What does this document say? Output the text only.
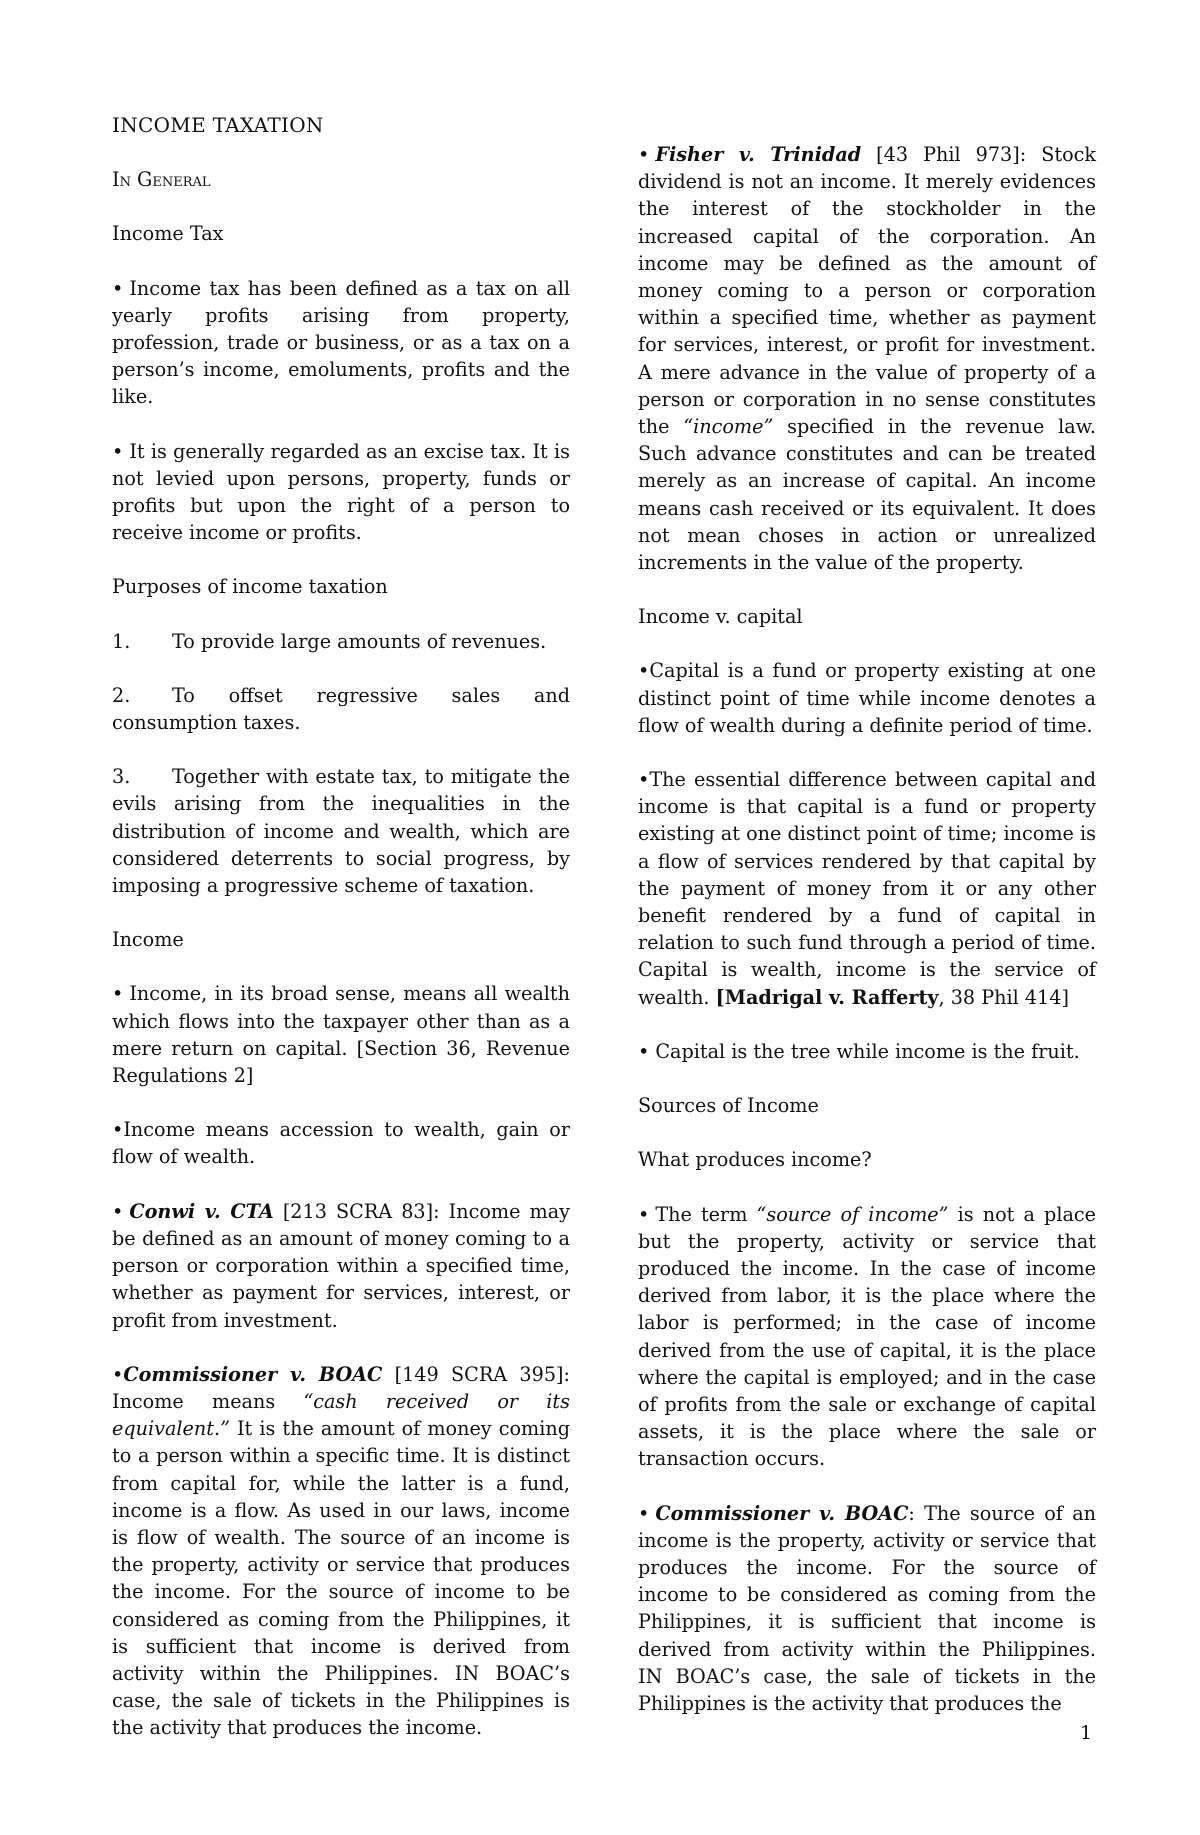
INCOME TAXATION

In General

Income Tax

• Income tax has been defined as a tax on all yearly profits arising from property, profession, trade or business, or as a tax on a person’s income, emoluments, profits and the like.

• It is generally regarded as an excise tax. It is not levied upon persons, property, funds or profits but upon the right of a person to receive income or profits.

Purposes of income taxation

1. To provide large amounts of revenues.

2. To offset regressive sales and consumption taxes.

3. Together with estate tax, to mitigate the evils arising from the inequalities in the distribution of income and wealth, which are considered deterrents to social progress, by imposing a progressive scheme of taxation.

Income

• Income, in its broad sense, means all wealth which flows into the taxpayer other than as a mere return on capital. [Section 36, Revenue Regulations 2]

•Income means accession to wealth, gain or flow of wealth.

• Conwi v. CTA [213 SCRA 83]: Income may be defined as an amount of money coming to a person or corporation within a specified time, whether as payment for services, interest, or profit from investment.

•Commissioner v. BOAC [149 SCRA 395]: Income means “cash received or its equivalent.” It is the amount of money coming to a person within a specific time. It is distinct from capital for, while the latter is a fund, income is a flow. As used in our laws, income is flow of wealth. The source of an income is the property, activity or service that produces the income. For the source of income to be considered as coming from the Philippines, it is sufficient that income is derived from activity within the Philippines. IN BOAC’s case, the sale of tickets in the Philippines is the activity that produces the income.

• Fisher v. Trinidad [43 Phil 973]: Stock dividend is not an income. It merely evidences the interest of the stockholder in the increased capital of the corporation. An income may be defined as the amount of money coming to a person or corporation within a specified time, whether as payment for services, interest, or profit for investment. A mere advance in the value of property of a person or corporation in no sense constitutes the “income” specified in the revenue law. Such advance constitutes and can be treated merely as an increase of capital. An income means cash received or its equivalent. It does not mean choses in action or unrealized increments in the value of the property.

Income v. capital

•Capital is a fund or property existing at one distinct point of time while income denotes a flow of wealth during a definite period of time.

•The essential difference between capital and income is that capital is a fund or property existing at one distinct point of time; income is a flow of services rendered by that capital by the payment of money from it or any other benefit rendered by a fund of capital in relation to such fund through a period of time. Capital is wealth, income is the service of wealth. [Madrigal v. Rafferty, 38 Phil 414]

• Capital is the tree while income is the fruit.

Sources of Income

What produces income?

• The term “source of income” is not a place but the property, activity or service that produced the income. In the case of income derived from labor, it is the place where the labor is performed; in the case of income derived from the use of capital, it is the place where the capital is employed; and in the case of profits from the sale or exchange of capital assets, it is the place where the sale or transaction occurs.

• Commissioner v. BOAC: The source of an income is the property, activity or service that produces the income. For the source of income to be considered as coming from the Philippines, it is sufficient that income is derived from activity within the Philippines. IN BOAC’s case, the sale of tickets in the Philippines is the activity that produces the

1
